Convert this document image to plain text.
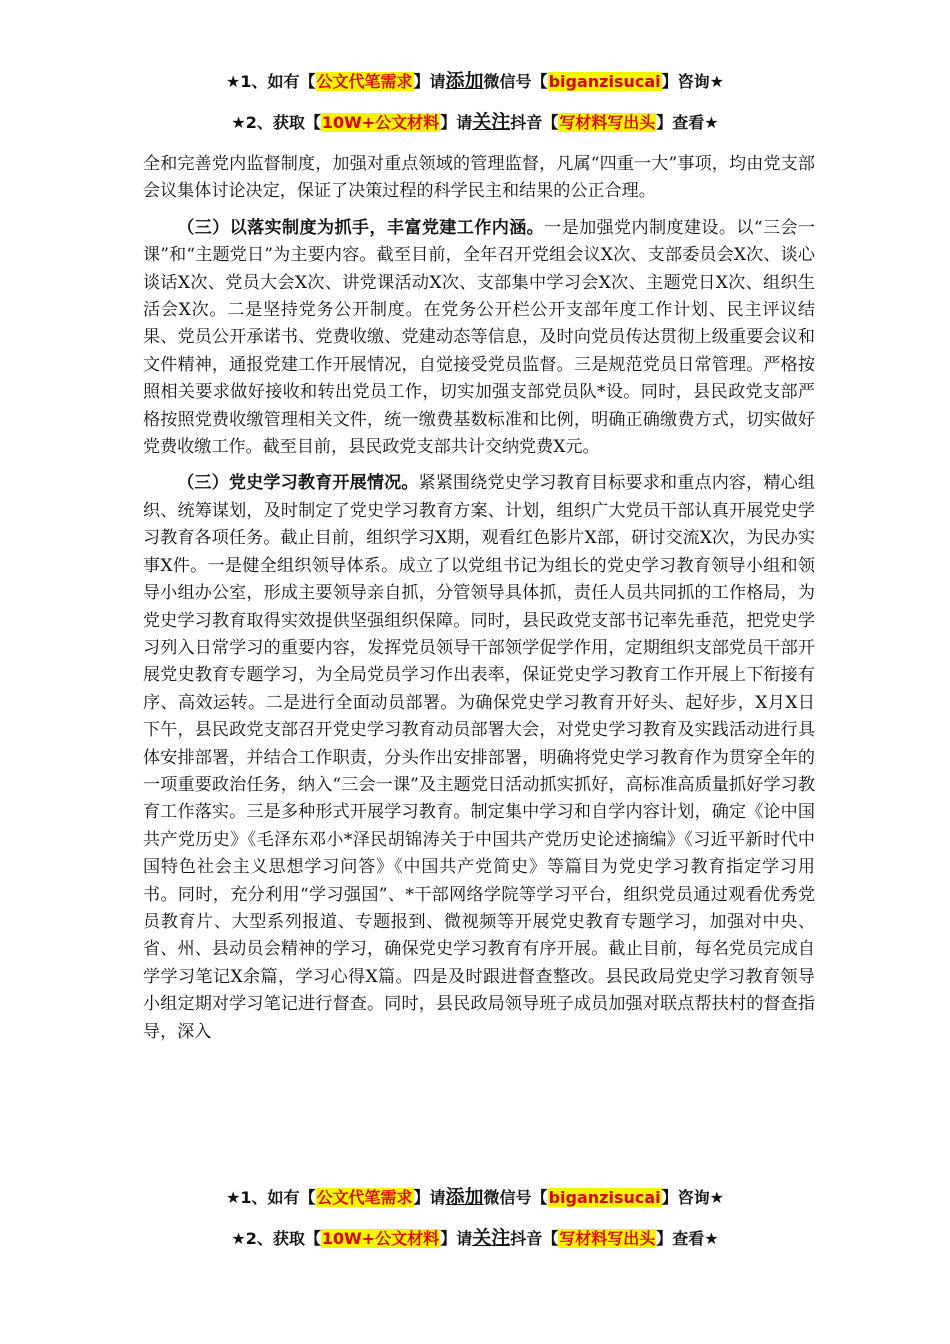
★1、如有【公文代笔需求】请添加微信号【biganzisucai】咨询★
★2、获取【10W+公文材料】请关注抖音【写材料写出头】查看★

全和完善党内监督制度，加强对重点领域的管理监督，凡属“四重一大”事项，均由党支部会议集体讨论决定，保证了决策过程的科学民主和结果的公正合理。

（三）以落实制度为抓手，丰富党建工作内涵。一是加强党内制度建设。以“三会一课”和“主题党日”为主要内容。截至目前，全年召开党组会议X次、支部委员会X次、谈心谈话X次、党员大会X次、讲党课活动X次、支部集中学习会X次、主题党日X次、组织生活会X次。二是坚持党务公开制度。在党务公开栏公开支部年度工作计划、民主评议结果、党员公开承诺书、党费收缴、党建动态等信息，及时向党员传达贯彻上级重要会议和文件精神，通报党建工作开展情况，自觉接受党员监督。三是规范党员日常管理。严格按照相关要求做好接收和转出党员工作，切实加强支部党员队*设。同时，县民政党支部严格按照党费收缴管理相关文件，统一缴费基数标准和比例，明确正确缴费方式，切实做好党费收缴工作。截至目前，县民政党支部共计交纳党费X元。

（三）党史学习教育开展情况。紧紧围绕党史学习教育目标要求和重点内容，精心组织、统筹谋划，及时制定了党史学习教育方案、计划，组织广大党员干部认真开展党史学习教育各项任务。截止目前，组织学习X期，观看红色影片X部，研讨交流X次，为民办实事X件。一是健全组织领导体系。成立了以党组书记为组长的党史学习教育领导小组和领导小组办公室，形成主要领导亲自抓，分管领导具体抓，责任人员共同抓的工作格局，为党史学习教育取得实效提供坚强组织保障。同时，县民政党支部书记率先垂范，把党史学习列入日常学习的重要内容，发挥党员领导干部领学促学作用，定期组织支部党员干部开展党史教育专题学习，为全局党员学习作出表率，保证党史学习教育工作开展上下衔接有序、高效运转。二是进行全面动员部署。为确保党史学习教育开好头、起好步，X月X日下午，县民政党支部召开党史学习教育动员部署大会，对党史学习教育及实践活动进行具体安排部署，并结合工作职责，分头作出安排部署，明确将党史学习教育作为贯穿全年的一项重要政治任务，纳入“三会一课”及主题党日活动抓实抓好，高标准高质量抓好学习教育工作落实。三是多种形式开展学习教育。制定集中学习和自学内容计划，确定《论中国共产党历史》《毛泽东邓小*泽民胡锦涛关于中国共产党历史论述摘编》《习近平新时代中国特色社会主义思想学习问答》《中国共产党简史》等篇目为党史学习教育指定学习用书。同时，充分利用“学习强国”、*干部网络学院等学习平台，组织党员通过观看优秀党员教育片、大型系列报道、专题报到、微视频等开展党史教育专题学习，加强对中央、省、州、县动员会精神的学习，确保党史学习教育有序开展。截止目前，每名党员完成自学学习笔记X余篇，学习心得X篇。四是及时跟进督查整改。县民政局党史学习教育领导小组定期对学习笔记进行督查。同时，县民政局领导班子成员加强对联点帮扶村的督查指导，深入

★1、如有【公文代笔需求】请添加微信号【biganzisucai】咨询★
★2、获取【10W+公文材料】请关注抖音【写材料写出头】查看★
